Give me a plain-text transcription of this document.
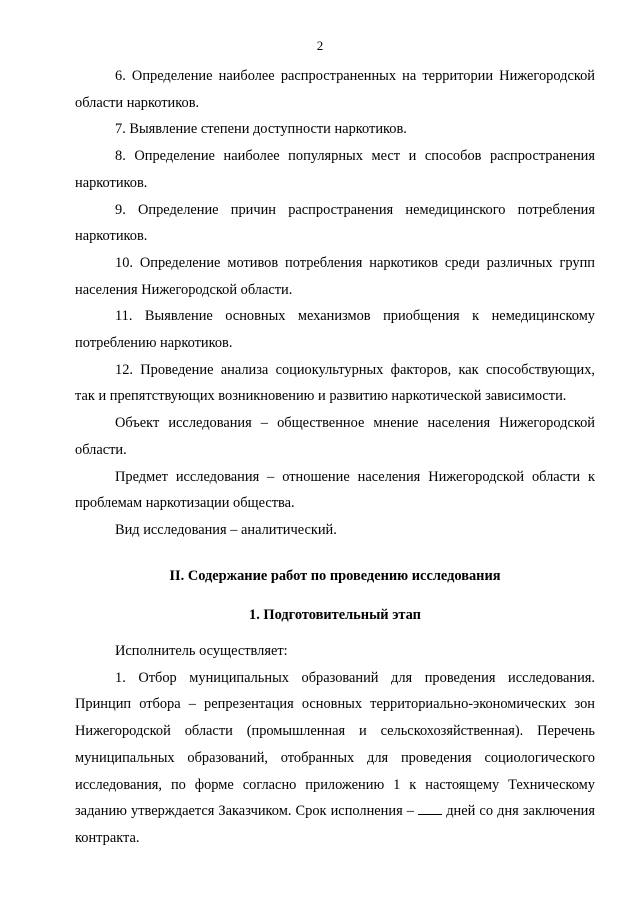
2

6. Определение наиболее распространенных на территории Нижегородской области наркотиков.

7. Выявление степени доступности наркотиков.

8. Определение наиболее популярных мест и способов распространения наркотиков.

9. Определение причин распространения немедицинского потребления наркотиков.

10. Определение мотивов потребления наркотиков среди различных групп населения Нижегородской области.

11. Выявление основных механизмов приобщения к немедицинскому потреблению наркотиков.

12. Проведение анализа социокультурных факторов, как способствующих, так и препятствующих возникновению и развитию наркотической зависимости.

Объект исследования – общественное мнение населения Нижегородской области.

Предмет исследования – отношение населения Нижегородской области к проблемам наркотизации общества.

Вид исследования – аналитический.

II. Содержание работ по проведению исследования
1. Подготовительный этап

Исполнитель осуществляет:

1. Отбор муниципальных образований для проведения исследования. Принцип отбора – репрезентация основных территориально-экономических зон Нижегородской области (промышленная и сельскохозяйственная). Перечень муниципальных образований, отобранных для проведения социологического исследования, по форме согласно приложению 1 к настоящему Техническому заданию утверждается Заказчиком. Срок исполнения – дней со дня заключения контракта.
